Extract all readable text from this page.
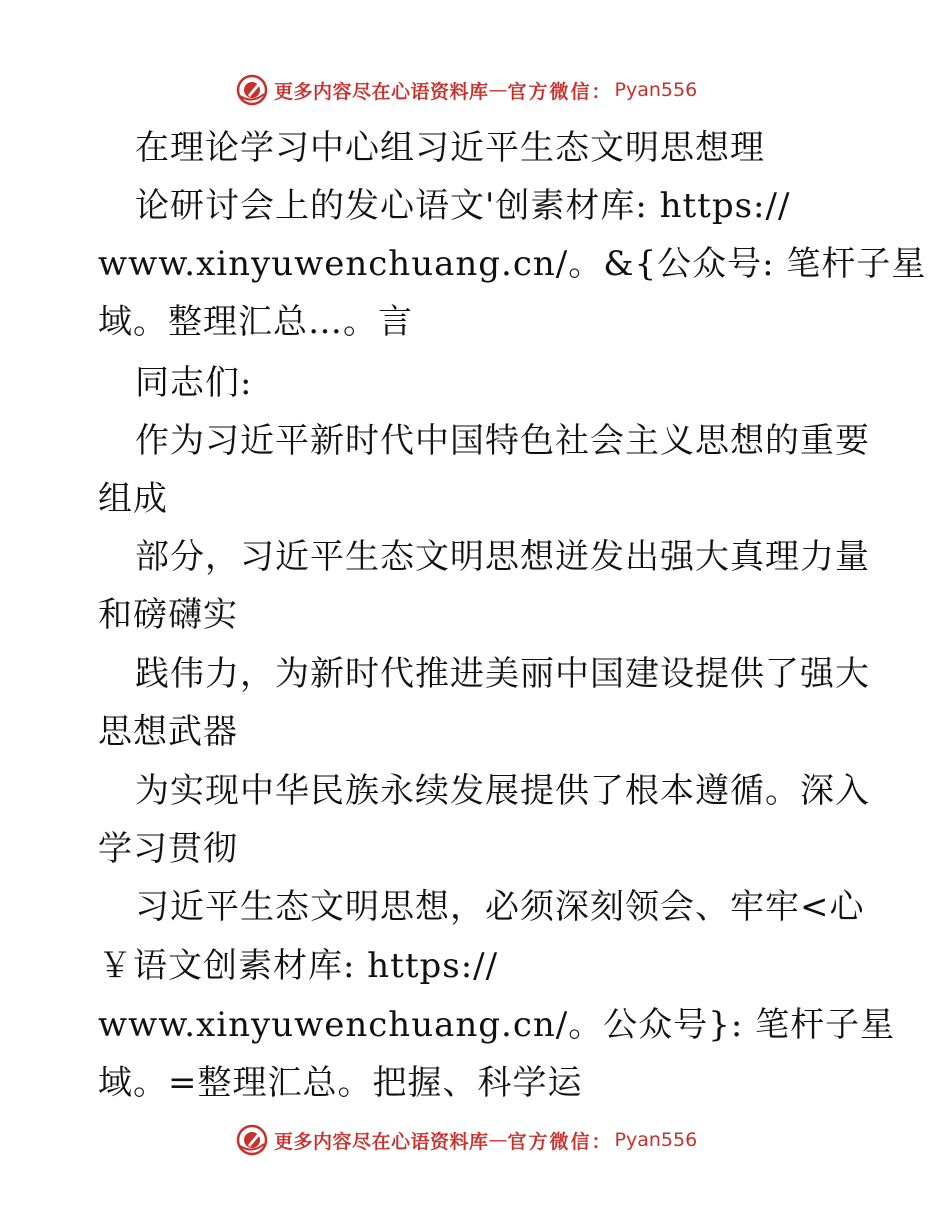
更多内容尽在心语资料库 — 官方微信： Pyan556

在理论学习中心组习近平生态文明思想理

论研讨会上的发心语文'创素材库: https://

www.xinyuwenchuang.cn/。&{公众号: 笔杆子星

域。整理汇总…。言

同志们:

作为习近平新时代中国特色社会主义思想的重要

组成

部分，习近平生态文明思想迸发出强大真理力量

和磅礴实

践伟力，为新时代推进美丽中国建设提供了强大

思想武器

为实现中华民族永续发展提供了根本遵循。深入

学习贯彻

习近平生态文明思想，必须深刻领会、牢牢<心

￥语文创素材库: https://

www.xinyuwenchuang.cn/。公众号}: 笔杆子星

域。=整理汇总。把握、科学运

更多内容尽在心语资料库 — 官方微信： Pyan556
